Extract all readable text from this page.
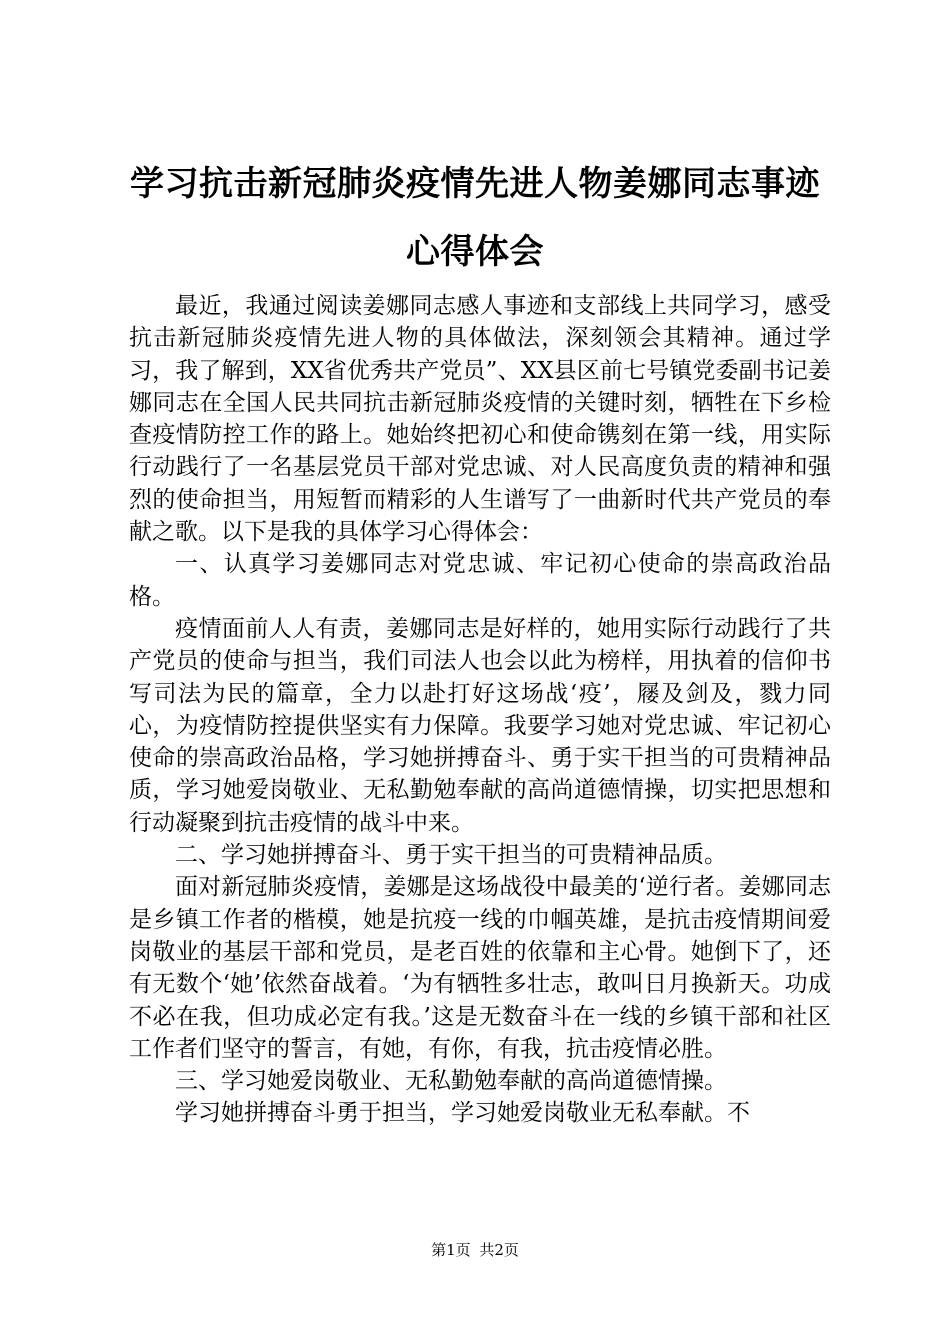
学习抗击新冠肺炎疫情先进人物姜娜同志事迹心得体会

最近，我通过阅读姜娜同志感人事迹和支部线上共同学习，感受抗击新冠肺炎疫情先进人物的具体做法，深刻领会其精神。通过学习，我了解到，XX省优秀共产党员”、XX县区前七号镇党委副书记姜娜同志在全国人民共同抗击新冠肺炎疫情的关键时刻，牺牲在下乡检查疫情防控工作的路上。她始终把初心和使命镌刻在第一线，用实际行动践行了一名基层党员干部对党忠诚、对人民高度负责的精神和强烈的使命担当，用短暂而精彩的人生谱写了一曲新时代共产党员的奉献之歌。以下是我的具体学习心得体会：

一、认真学习姜娜同志对党忠诚、牢记初心使命的崇高政治品格。

疫情面前人人有责，姜娜同志是好样的，她用实际行动践行了共产党员的使命与担当，我们司法人也会以此为榜样，用执着的信仰书写司法为民的篇章，全力以赴打好这场战‘疫’，屦及剑及，戮力同心，为疫情防控提供坚实有力保障。我要学习她对党忠诚、牢记初心使命的崇高政治品格，学习她拼搏奋斗、勇于实干担当的可贵精神品质，学习她爱岗敬业、无私勤勉奉献的高尚道德情操，切实把思想和行动凝聚到抗击疫情的战斗中来。

二、学习她拼搏奋斗、勇于实干担当的可贵精神品质。

面对新冠肺炎疫情，姜娜是这场战役中最美的‘逆行者。姜娜同志是乡镇工作者的楷模，她是抗疫一线的巾帼英雄，是抗击疫情期间爱岗敬业的基层干部和党员，是老百姓的依靠和主心骨。她倒下了，还有无数个‘她’依然奋战着。‘为有牺牲多壮志，敢叫日月换新天。功成不必在我，但功成必定有我。’这是无数奋斗在一线的乡镇干部和社区工作者们坚守的誓言，有她，有你，有我，抗击疫情必胜。

三、学习她爱岗敬业、无私勤勉奉献的高尚道德情操。

学习她拼搏奋斗勇于担当，学习她爱岗敬业无私奉献。不

第1页 共2页
